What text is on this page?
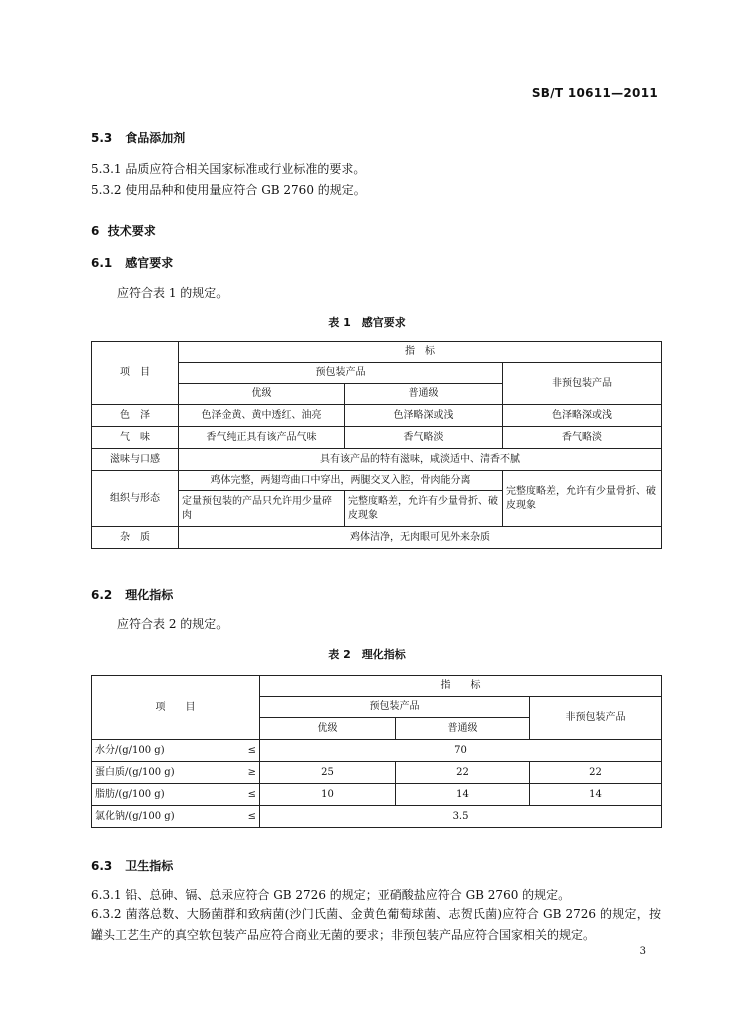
SB/T 10611—2011
5.3 食品添加剂
5.3.1 品质应符合相关国家标准或行业标准的要求。
5.3.2 使用品种和使用量应符合 GB 2760 的规定。
6 技术要求
6.1 感官要求
应符合表 1 的规定。
表 1　感官要求
项　目	指　标		
	预包装产品		非预包装产品
	优级	普通级	
色　泽	色泽金黄、黄中透红、油亮	色泽略深或浅	色泽略深或浅
气　味	香气纯正具有该产品气味	香气略淡	香气略淡
滋味与口感	具有该产品的特有滋味，咸淡适中、清香不腻		
组织与形态	鸡体完整，两翅弯曲口中穿出，两腿交叉入腔，骨肉能分离		完整度略差，允许有少量骨折、破皮现象
	定量预包装的产品只允许用少量碎肉	完整度略差，允许有少量骨折、破皮现象	
杂　质	鸡体洁净，无肉眼可见外来杂质		
6.2 理化指标
应符合表 2 的规定。
表 2　理化指标
项　　目	指　　标		
	预包装产品		非预包装产品
	优级	普通级	
水分/(g/100 g) ≤	70		
蛋白质/(g/100 g) ≥	25	22	22
脂肪/(g/100 g) ≤	10	14	14
氯化钠/(g/100 g) ≤	3.5		
6.3 卫生指标
6.3.1 铅、总砷、镉、总汞应符合 GB 2726 的规定；亚硝酸盐应符合 GB 2760 的规定。
6.3.2 菌落总数、大肠菌群和致病菌(沙门氏菌、金黄色葡萄球菌、志贺氏菌)应符合 GB 2726 的规定，按罐头工艺生产的真空软包装产品应符合商业无菌的要求；非预包装产品应符合国家相关的规定。
3
